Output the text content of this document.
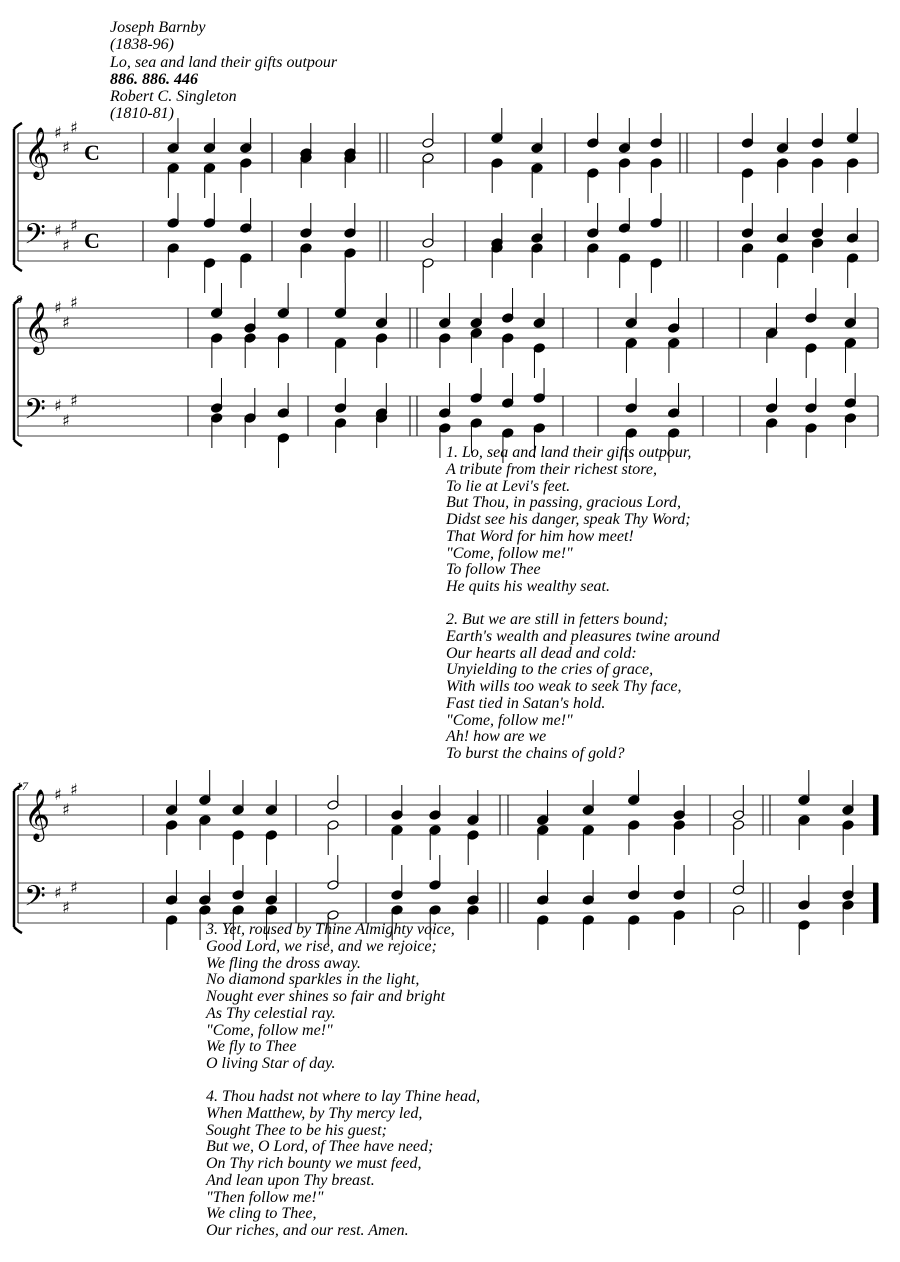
Joseph Barnby
(1838-96)
Lo, sea and land their gifts outpour
886. 886. 446
Robert C. Singleton
(1810-81)
𝄞
𝄢
♯
♯
♯
♯
♯
♯
C
C
𝄞
𝄢
♯
♯
♯
♯
♯
♯
𝄞
𝄢
♯
♯
♯
♯
♯
♯
8
17
1. Lo, sea and land their gifts outpour,
A tribute from their richest store,
To lie at Levi's feet.
But Thou, in passing, gracious Lord,
Didst see his danger, speak Thy Word;
That Word for him how meet!
"Come, follow me!"
To follow Thee
He quits his wealthy seat.
2. But we are still in fetters bound;
Earth's wealth and pleasures twine around
Our hearts all dead and cold:
Unyielding to the cries of grace,
With wills too weak to seek Thy face,
Fast tied in Satan's hold.
"Come, follow me!"
Ah! how are we
To burst the chains of gold?
3. Yet, roused by Thine Almighty voice,
Good Lord, we rise, and we rejoice;
We fling the dross away.
No diamond sparkles in the light,
Nought ever shines so fair and bright
As Thy celestial ray.
"Come, follow me!"
We fly to Thee
O living Star of day.
4. Thou hadst not where to lay Thine head,
When Matthew, by Thy mercy led,
Sought Thee to be his guest;
But we, O Lord, of Thee have need;
On Thy rich bounty we must feed,
And lean upon Thy breast.
"Then follow me!"
We cling to Thee,
Our riches, and our rest. Amen.
